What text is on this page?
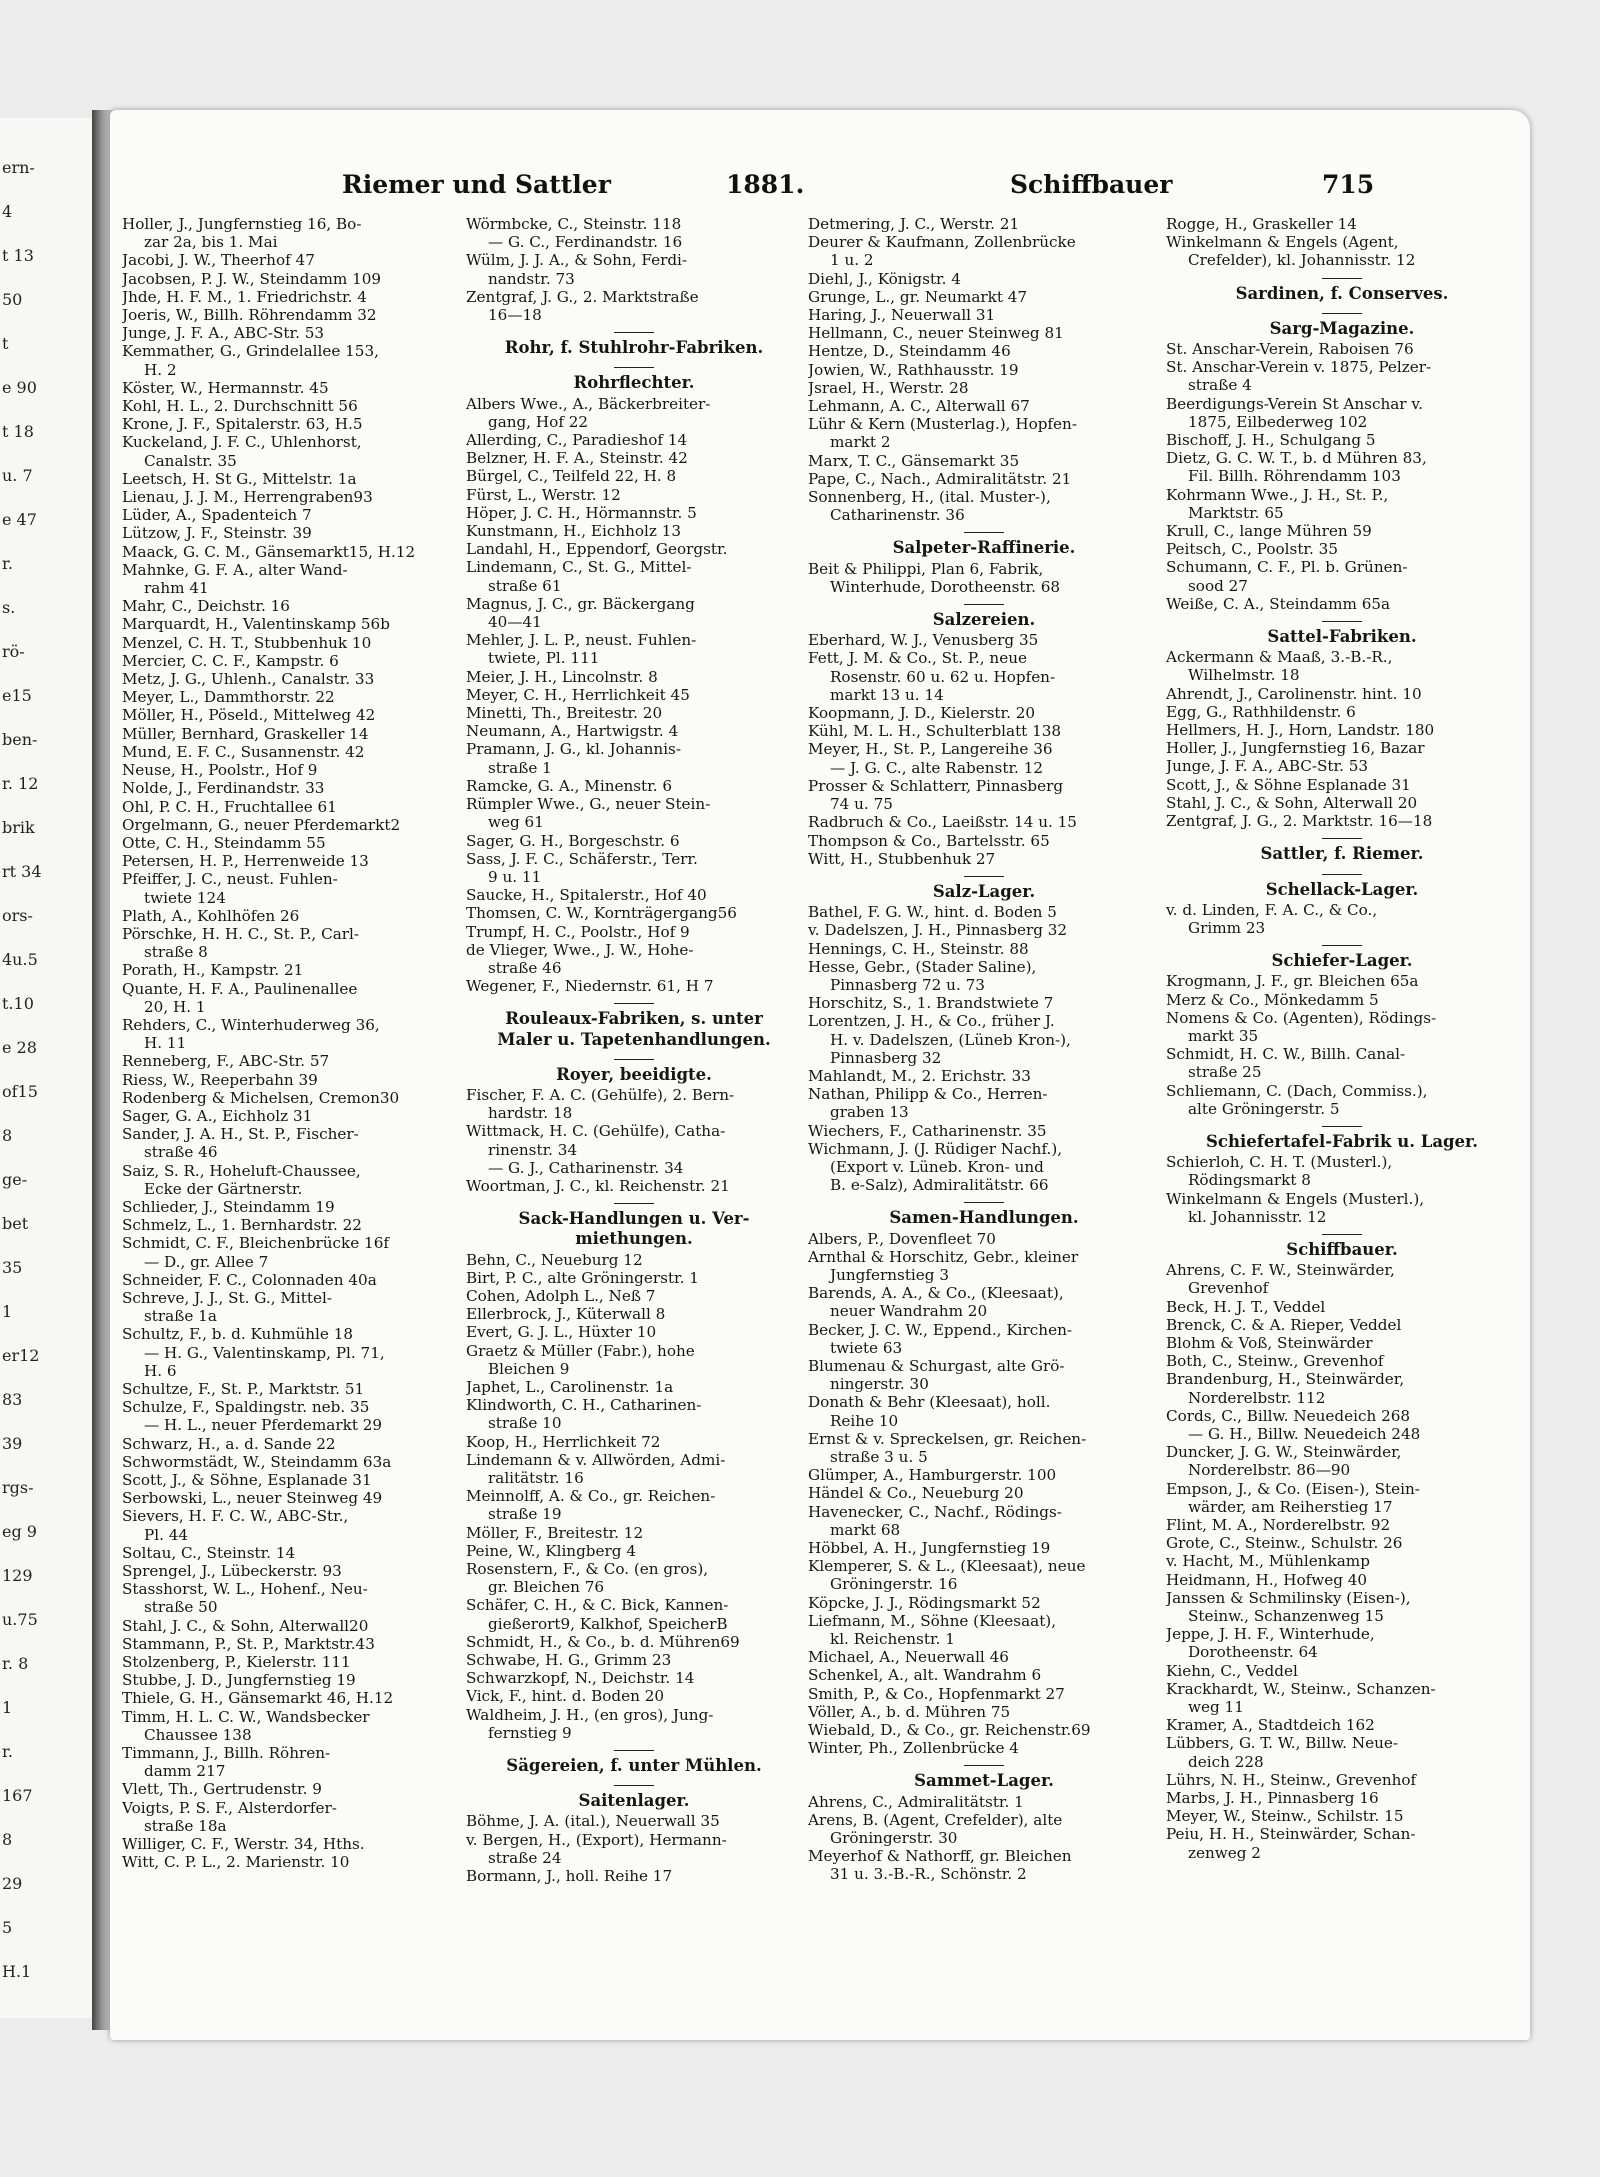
ern-
4
t 13
50
t
e 90
t 18
u. 7
e 47
r.
s.
rö-
e15
ben-
r. 12
brik
rt 34
ors-
4u.5
t.10
e 28
of15
8
ge-
bet
35
1
er12
83
39
rgs-
eg 9
129
u.75
r. 8
1
r.
167
8
29
5
H.1
Riemer und Sattler	1881.	Schiffbauer	715
Holler, J., Jungfernstieg 16, Bo-
zar 2a, bis 1. Mai
Jacobi, J. W., Theerhof 47
Jacobsen, P. J. W., Steindamm 109
Jhde, H. F. M., 1. Friedrichstr. 4
Joeris, W., Billh. Röhrendamm 32
Junge, J. F. A., ABC-Str. 53
Kemmather, G., Grindelallee 153,
H. 2
Köster, W., Hermannstr. 45
Kohl, H. L., 2. Durchschnitt 56
Krone, J. F., Spitalerstr. 63, H.5
Kuckeland, J. F. C., Uhlenhorst,
Canalstr. 35
Leetsch, H. St G., Mittelstr. 1a
Lienau, J. J. M., Herrengraben93
Lüder, A., Spadenteich 7
Lützow, J. F., Steinstr. 39
Maack, G. C. M., Gänsemarkt15, H.12
Mahnke, G. F. A., alter Wand-
rahm 41
Mahr, C., Deichstr. 16
Marquardt, H., Valentinskamp 56b
Menzel, C. H. T., Stubbenhuk 10
Mercier, C. C. F., Kampstr. 6
Metz, J. G., Uhlenh., Canalstr. 33
Meyer, L., Dammthorstr. 22
Möller, H., Pöseld., Mittelweg 42
Müller, Bernhard, Graskeller 14
Mund, E. F. C., Susannenstr. 42
Neuse, H., Poolstr., Hof 9
Nolde, J., Ferdinandstr. 33
Ohl, P. C. H., Fruchtallee 61
Orgelmann, G., neuer Pferdemarkt2
Otte, C. H., Steindamm 55
Petersen, H. P., Herrenweide 13
Pfeiffer, J. C., neust. Fuhlen-
twiete 124
Plath, A., Kohlhöfen 26
Pörschke, H. H. C., St. P., Carl-
straße 8
Porath, H., Kampstr. 21
Quante, H. F. A., Paulinenallee
20, H. 1
Rehders, C., Winterhuderweg 36,
H. 11
Renneberg, F., ABC-Str. 57
Riess, W., Reeperbahn 39
Rodenberg & Michelsen, Cremon30
Sager, G. A., Eichholz 31
Sander, J. A. H., St. P., Fischer-
straße 46
Saiz, S. R., Hoheluft-Chaussee,
Ecke der Gärtnerstr.
Schlieder, J., Steindamm 19
Schmelz, L., 1. Bernhardstr. 22
Schmidt, C. F., Bleichenbrücke 16f
— D., gr. Allee 7
Schneider, F. C., Colonnaden 40a
Schreve, J. J., St. G., Mittel-
straße 1a
Schultz, F., b. d. Kuhmühle 18
— H. G., Valentinskamp, Pl. 71,
H. 6
Schultze, F., St. P., Marktstr. 51
Schulze, F., Spaldingstr. neb. 35
— H. L., neuer Pferdemarkt 29
Schwarz, H., a. d. Sande 22
Schwormstädt, W., Steindamm 63a
Scott, J., & Söhne, Esplanade 31
Serbowski, L., neuer Steinweg 49
Sievers, H. F. C. W., ABC-Str.,
Pl. 44
Soltau, C., Steinstr. 14
Sprengel, J., Lübeckerstr. 93
Stasshorst, W. L., Hohenf., Neu-
straße 50
Stahl, J. C., & Sohn, Alterwall20
Stammann, P., St. P., Marktstr.43
Stolzenberg, P., Kielerstr. 111
Stubbe, J. D., Jungfernstieg 19
Thiele, G. H., Gänsemarkt 46, H.12
Timm, H. L. C. W., Wandsbecker
Chaussee 138
Timmann, J., Billh. Röhren-
damm 217
Vlett, Th., Gertrudenstr. 9
Voigts, P. S. F., Alsterdorfer-
straße 18a
Williger, C. F., Werstr. 34, Hths.
Witt, C. P. L., 2. Marienstr. 10
Wörmbcke, C., Steinstr. 118
— G. C., Ferdinandstr. 16
Wülm, J. J. A., & Sohn, Ferdi-
nandstr. 73
Zentgraf, J. G., 2. Marktstraße
16—18
Rohr, f. Stuhlrohr-Fabriken.
Rohrflechter.
Albers Wwe., A., Bäckerbreiter-
gang, Hof 22
Allerding, C., Paradieshof 14
Belzner, H. F. A., Steinstr. 42
Bürgel, C., Teilfeld 22, H. 8
Fürst, L., Werstr. 12
Höper, J. C. H., Hörmannstr. 5
Kunstmann, H., Eichholz 13
Landahl, H., Eppendorf, Georgstr.
Lindemann, C., St. G., Mittel-
straße 61
Magnus, J. C., gr. Bäckergang
40—41
Mehler, J. L. P., neust. Fuhlen-
twiete, Pl. 111
Meier, J. H., Lincolnstr. 8
Meyer, C. H., Herrlichkeit 45
Minetti, Th., Breitestr. 20
Neumann, A., Hartwigstr. 4
Pramann, J. G., kl. Johannis-
straße 1
Ramcke, G. A., Minenstr. 6
Rümpler Wwe., G., neuer Stein-
weg 61
Sager, G. H., Borgeschstr. 6
Sass, J. F. C., Schäferstr., Terr.
9 u. 11
Saucke, H., Spitalerstr., Hof 40
Thomsen, C. W., Kornträgergang56
Trumpf, H. C., Poolstr., Hof 9
de Vlieger, Wwe., J. W., Hohe-
straße 46
Wegener, F., Niedernstr. 61, H 7
Rouleaux-Fabriken, s. unter
Maler u. Tapetenhandlungen.
Royer, beeidigte.
Fischer, F. A. C. (Gehülfe), 2. Bern-
hardstr. 18
Wittmack, H. C. (Gehülfe), Catha-
rinenstr. 34
— G. J., Catharinenstr. 34
Woortman, J. C., kl. Reichenstr. 21
Sack-Handlungen u. Ver-
miethungen.
Behn, C., Neueburg 12
Birt, P. C., alte Gröningerstr. 1
Cohen, Adolph L., Neß 7
Ellerbrock, J., Küterwall 8
Evert, G. J. L., Hüxter 10
Graetz & Müller (Fabr.), hohe
Bleichen 9
Japhet, L., Carolinenstr. 1a
Klindworth, C. H., Catharinen-
straße 10
Koop, H., Herrlichkeit 72
Lindemann & v. Allwörden, Admi-
ralitätstr. 16
Meinnolff, A. & Co., gr. Reichen-
straße 19
Möller, F., Breitestr. 12
Peine, W., Klingberg 4
Rosenstern, F., & Co. (en gros),
gr. Bleichen 76
Schäfer, C. H., & C. Bick, Kannen-
gießerort9, Kalkhof, SpeicherB
Schmidt, H., & Co., b. d. Mühren69
Schwabe, H. G., Grimm 23
Schwarzkopf, N., Deichstr. 14
Vick, F., hint. d. Boden 20
Waldheim, J. H., (en gros), Jung-
fernstieg 9
Sägereien, f. unter Mühlen.
Saitenlager.
Böhme, J. A. (ital.), Neuerwall 35
v. Bergen, H., (Export), Hermann-
straße 24
Bormann, J., holl. Reihe 17
Detmering, J. C., Werstr. 21
Deurer & Kaufmann, Zollenbrücke
1 u. 2
Diehl, J., Königstr. 4
Grunge, L., gr. Neumarkt 47
Haring, J., Neuerwall 31
Hellmann, C., neuer Steinweg 81
Hentze, D., Steindamm 46
Jowien, W., Rathhausstr. 19
Jsrael, H., Werstr. 28
Lehmann, A. C., Alterwall 67
Lühr & Kern (Musterlag.), Hopfen-
markt 2
Marx, T. C., Gänsemarkt 35
Pape, C., Nach., Admiralitätstr. 21
Sonnenberg, H., (ital. Muster-),
Catharinenstr. 36
Salpeter-Raffinerie.
Beit & Philippi, Plan 6, Fabrik,
Winterhude, Dorotheenstr. 68
Salzereien.
Eberhard, W. J., Venusberg 35
Fett, J. M. & Co., St. P., neue
Rosenstr. 60 u. 62 u. Hopfen-
markt 13 u. 14
Koopmann, J. D., Kielerstr. 20
Kühl, M. L. H., Schulterblatt 138
Meyer, H., St. P., Langereihe 36
— J. G. C., alte Rabenstr. 12
Prosser & Schlatterr, Pinnasberg
74 u. 75
Radbruch & Co., Laeißstr. 14 u. 15
Thompson & Co., Bartelsstr. 65
Witt, H., Stubbenhuk 27
Salz-Lager.
Bathel, F. G. W., hint. d. Boden 5
v. Dadelszen, J. H., Pinnasberg 32
Hennings, C. H., Steinstr. 88
Hesse, Gebr., (Stader Saline),
Pinnasberg 72 u. 73
Horschitz, S., 1. Brandstwiete 7
Lorentzen, J. H., & Co., früher J.
H. v. Dadelszen, (Lüneb Kron-),
Pinnasberg 32
Mahlandt, M., 2. Erichstr. 33
Nathan, Philipp & Co., Herren-
graben 13
Wiechers, F., Catharinenstr. 35
Wichmann, J. (J. Rüdiger Nachf.),
(Export v. Lüneb. Kron- und
B. e-Salz), Admiralitätstr. 66
Samen-Handlungen.
Albers, P., Dovenfleet 70
Arnthal & Horschitz, Gebr., kleiner
Jungfernstieg 3
Barends, A. A., & Co., (Kleesaat),
neuer Wandrahm 20
Becker, J. C. W., Eppend., Kirchen-
twiete 63
Blumenau & Schurgast, alte Grö-
ningerstr. 30
Donath & Behr (Kleesaat), holl.
Reihe 10
Ernst & v. Spreckelsen, gr. Reichen-
straße 3 u. 5
Glümper, A., Hamburgerstr. 100
Händel & Co., Neueburg 20
Havenecker, C., Nachf., Rödings-
markt 68
Höbbel, A. H., Jungfernstieg 19
Klemperer, S. & L., (Kleesaat), neue
Gröningerstr. 16
Köpcke, J. J., Rödingsmarkt 52
Liefmann, M., Söhne (Kleesaat),
kl. Reichenstr. 1
Michael, A., Neuerwall 46
Schenkel, A., alt. Wandrahm 6
Smith, P., & Co., Hopfenmarkt 27
Völler, A., b. d. Mühren 75
Wiebald, D., & Co., gr. Reichenstr.69
Winter, Ph., Zollenbrücke 4
Sammet-Lager.
Ahrens, C., Admiralitätstr. 1
Arens, B. (Agent, Crefelder), alte
Gröningerstr. 30
Meyerhof & Nathorff, gr. Bleichen
31 u. 3.-B.-R., Schönstr. 2
Rogge, H., Graskeller 14
Winkelmann & Engels (Agent,
Crefelder), kl. Johannisstr. 12
Sardinen, f. Conserves.
Sarg-Magazine.
St. Anschar-Verein, Raboisen 76
St. Anschar-Verein v. 1875, Pelzer-
straße 4
Beerdigungs-Verein St Anschar v.
1875, Eilbederweg 102
Bischoff, J. H., Schulgang 5
Dietz, G. C. W. T., b. d Mühren 83,
Fil. Billh. Röhrendamm 103
Kohrmann Wwe., J. H., St. P.,
Marktstr. 65
Krull, C., lange Mühren 59
Peitsch, C., Poolstr. 35
Schumann, C. F., Pl. b. Grünen-
sood 27
Weiße, C. A., Steindamm 65a
Sattel-Fabriken.
Ackermann & Maaß, 3.-B.-R.,
Wilhelmstr. 18
Ahrendt, J., Carolinenstr. hint. 10
Egg, G., Rathhildenstr. 6
Hellmers, H. J., Horn, Landstr. 180
Holler, J., Jungfernstieg 16, Bazar
Junge, J. F. A., ABC-Str. 53
Scott, J., & Söhne Esplanade 31
Stahl, J. C., & Sohn, Alterwall 20
Zentgraf, J. G., 2. Marktstr. 16—18
Sattler, f. Riemer.
Schellack-Lager.
v. d. Linden, F. A. C., & Co.,
Grimm 23
Schiefer-Lager.
Krogmann, J. F., gr. Bleichen 65a
Merz & Co., Mönkedamm 5
Nomens & Co. (Agenten), Rödings-
markt 35
Schmidt, H. C. W., Billh. Canal-
straße 25
Schliemann, C. (Dach, Commiss.),
alte Gröningerstr. 5
Schiefertafel-Fabrik u. Lager.
Schierloh, C. H. T. (Musterl.),
Rödingsmarkt 8
Winkelmann & Engels (Musterl.),
kl. Johannisstr. 12
Schiffbauer.
Ahrens, C. F. W., Steinwärder,
Grevenhof
Beck, H. J. T., Veddel
Brenck, C. & A. Rieper, Veddel
Blohm & Voß, Steinwärder
Both, C., Steinw., Grevenhof
Brandenburg, H., Steinwärder,
Norderelbstr. 112
Cords, C., Billw. Neuedeich 268
— G. H., Billw. Neuedeich 248
Duncker, J. G. W., Steinwärder,
Norderelbstr. 86—90
Empson, J., & Co. (Eisen-), Stein-
wärder, am Reiherstieg 17
Flint, M. A., Norderelbstr. 92
Grote, C., Steinw., Schulstr. 26
v. Hacht, M., Mühlenkamp
Heidmann, H., Hofweg 40
Janssen & Schmilinsky (Eisen-),
Steinw., Schanzenweg 15
Jeppe, J. H. F., Winterhude,
Dorotheenstr. 64
Kiehn, C., Veddel
Krackhardt, W., Steinw., Schanzen-
weg 11
Kramer, A., Stadtdeich 162
Lübbers, G. T. W., Billw. Neue-
deich 228
Lührs, N. H., Steinw., Grevenhof
Marbs, J. H., Pinnasberg 16
Meyer, W., Steinw., Schilstr. 15
Peiu, H. H., Steinwärder, Schan-
zenweg 2
